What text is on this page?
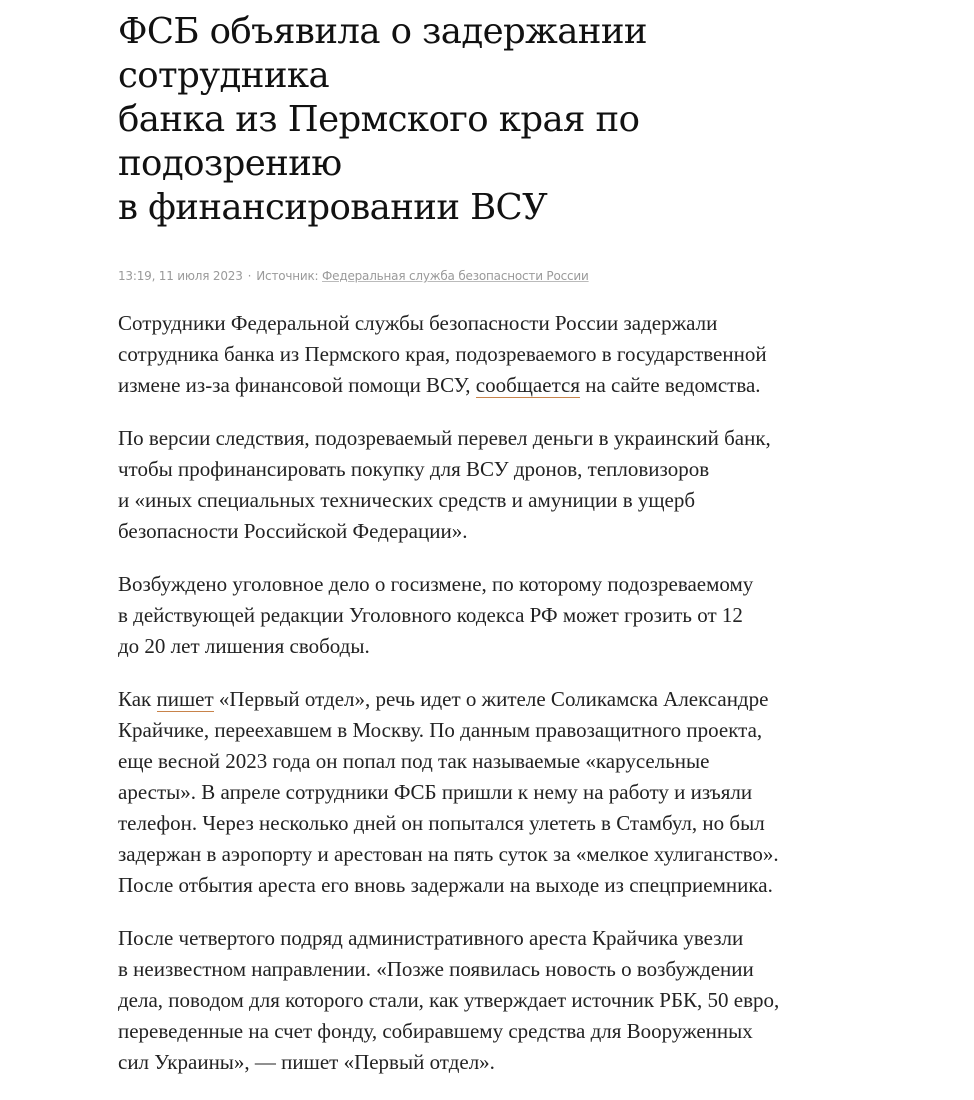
ФСБ объявила о задержании сотрудника
банка из Пермского края по подозрению
в финансировании ВСУ
13:19, 11 июля 2023 · Источник: Федеральная служба безопасности России

Сотрудники Федеральной службы безопасности России задержали
сотрудника банка из Пермского края, подозреваемого в государственной
измене из-за финансовой помощи ВСУ, сообщается на сайте ведомства.

По версии следствия, подозреваемый перевел деньги в украинский банк,
чтобы профинансировать покупку для ВСУ дронов, тепловизоров
и «иных специальных технических средств и амуниции в ущерб
безопасности Российской Федерации».

Возбуждено уголовное дело о госизмене, по которому подозреваемому
в действующей редакции Уголовного кодекса РФ может грозить от 12
до 20 лет лишения свободы.

Как пишет «Первый отдел», речь идет о жителе Соликамска Александре
Крайчике, переехавшем в Москву. По данным правозащитного проекта,
еще весной 2023 года он попал под так называемые «карусельные
аресты». В апреле сотрудники ФСБ пришли к нему на работу и изъяли
телефон. Через несколько дней он попытался улететь в Стамбул, но был
задержан в аэропорту и арестован на пять суток за «мелкое хулиганство».
После отбытия ареста его вновь задержали на выходе из спецприемника.

После четвертого подряд административного ареста Крайчика увезли
в неизвестном направлении. «Позже появилась новость о возбуждении
дела, поводом для которого стали, как утверждает источник РБК, 50 евро,
переведенные на счет фонду, собиравшему средства для Вооруженных
сил Украины», — пишет «Первый отдел».
